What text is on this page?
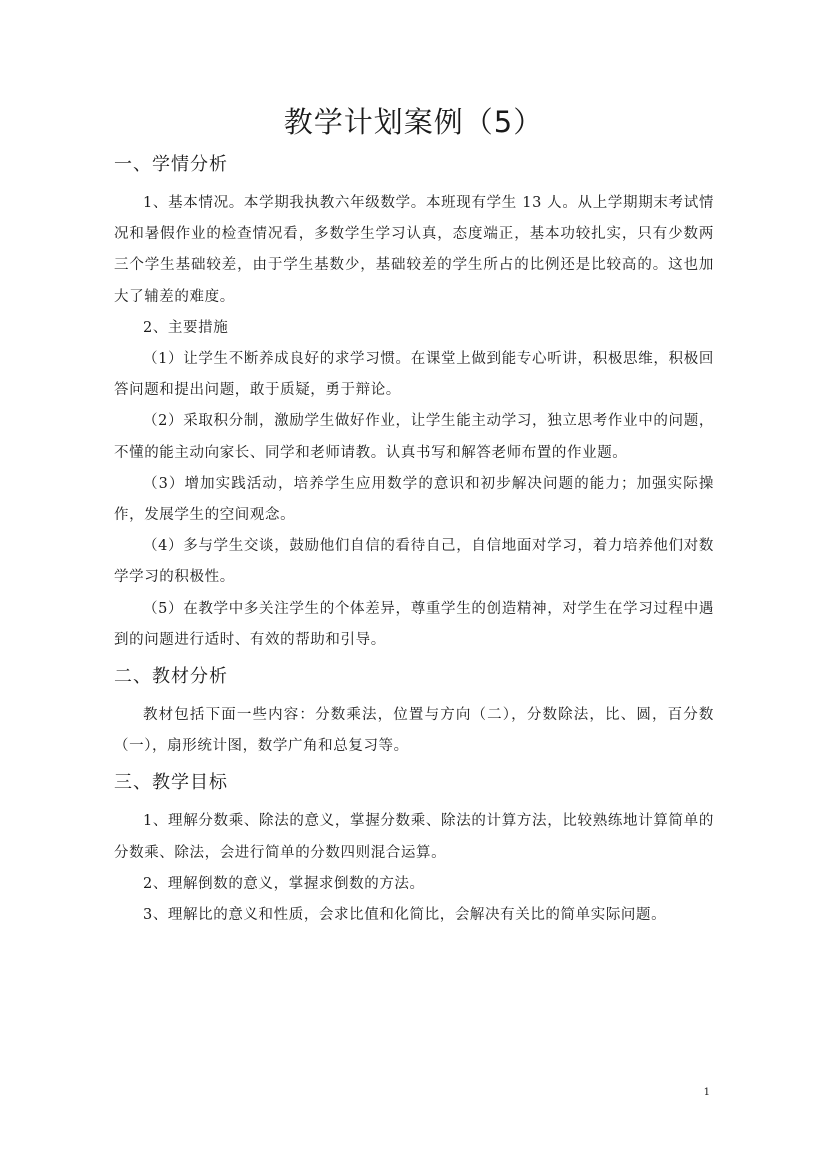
教学计划案例（5）
一、学情分析

1、基本情况。本学期我执教六年级数学。本班现有学生 13 人。从上学期期末考试情况和暑假作业的检查情况看，多数学生学习认真，态度端正，基本功较扎实，只有少数两三个学生基础较差，由于学生基数少，基础较差的学生所占的比例还是比较高的。这也加大了辅差的难度。

2、主要措施

（1）让学生不断养成良好的求学习惯。在课堂上做到能专心听讲，积极思维，积极回答问题和提出问题，敢于质疑，勇于辩论。

（2）采取积分制，激励学生做好作业，让学生能主动学习，独立思考作业中的问题，不懂的能主动向家长、同学和老师请教。认真书写和解答老师布置的作业题。

（3）增加实践活动，培养学生应用数学的意识和初步解决问题的能力；加强实际操作，发展学生的空间观念。

（4）多与学生交谈，鼓励他们自信的看待自己，自信地面对学习，着力培养他们对数学学习的积极性。

（5）在教学中多关注学生的个体差异，尊重学生的创造精神，对学生在学习过程中遇到的问题进行适时、有效的帮助和引导。

二、教材分析

教材包括下面一些内容：分数乘法，位置与方向（二），分数除法，比、圆，百分数（一），扇形统计图，数学广角和总复习等。

三、教学目标

1、理解分数乘、除法的意义，掌握分数乘、除法的计算方法，比较熟练地计算简单的分数乘、除法，会进行简单的分数四则混合运算。

2、理解倒数的意义，掌握求倒数的方法。

3、理解比的意义和性质，会求比值和化简比，会解决有关比的简单实际问题。

1
